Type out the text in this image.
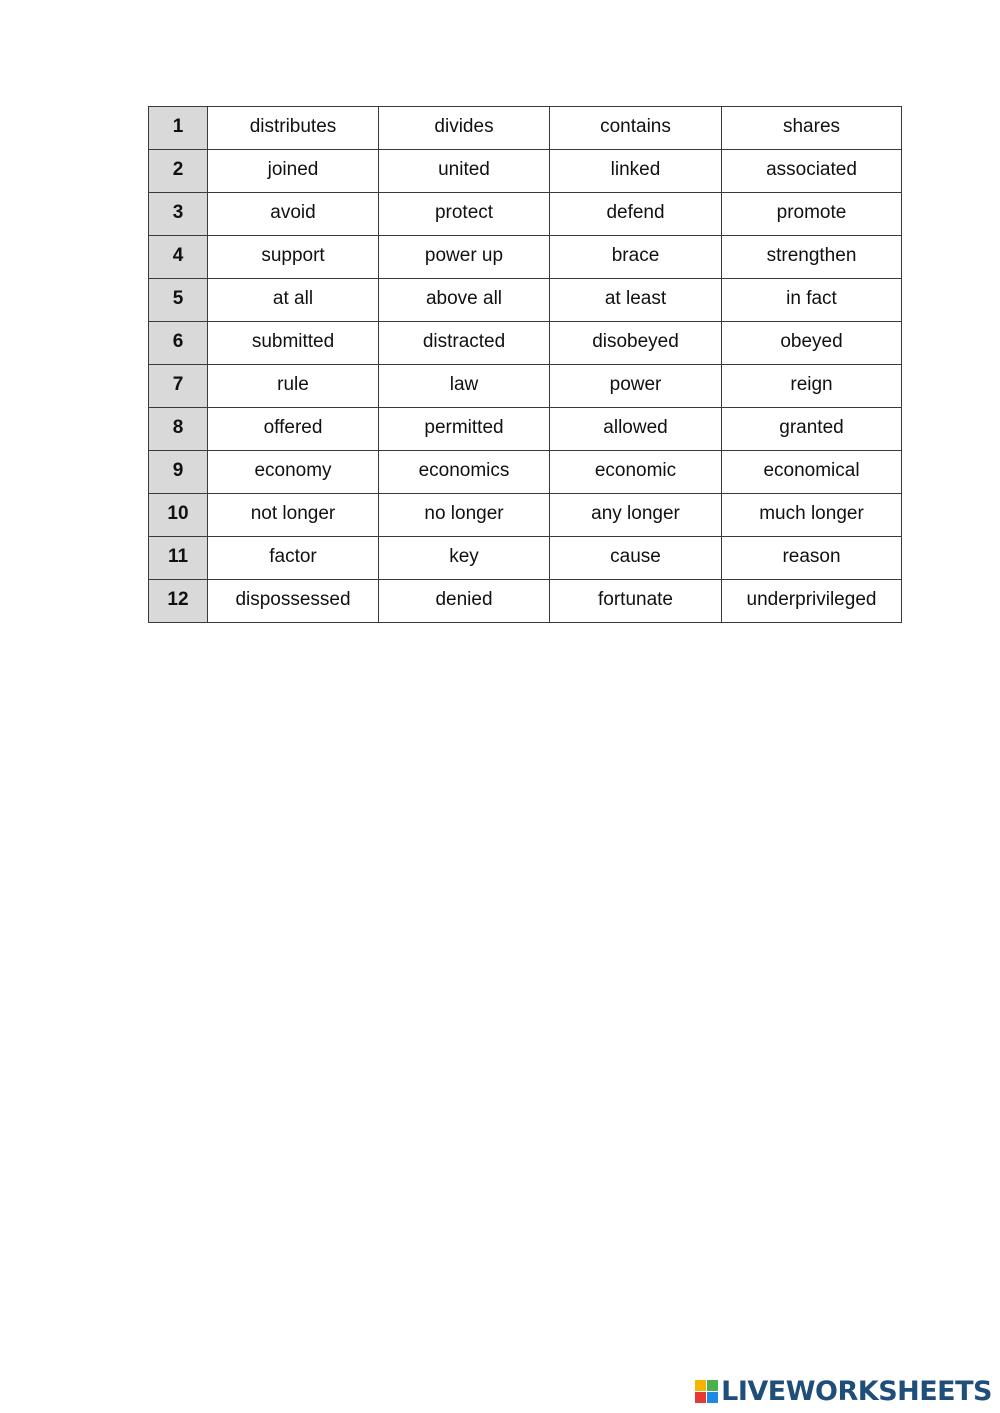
1	distributes	divides	contains	shares
2	joined	united	linked	associated
3	avoid	protect	defend	promote
4	support	power up	brace	strengthen
5	at all	above all	at least	in fact
6	submitted	distracted	disobeyed	obeyed
7	rule	law	power	reign
8	offered	permitted	allowed	granted
9	economy	economics	economic	economical
10	not longer	no longer	any longer	much longer
11	factor	key	cause	reason
12	dispossessed	denied	fortunate	underprivileged
LIVEWORKSHEETS
